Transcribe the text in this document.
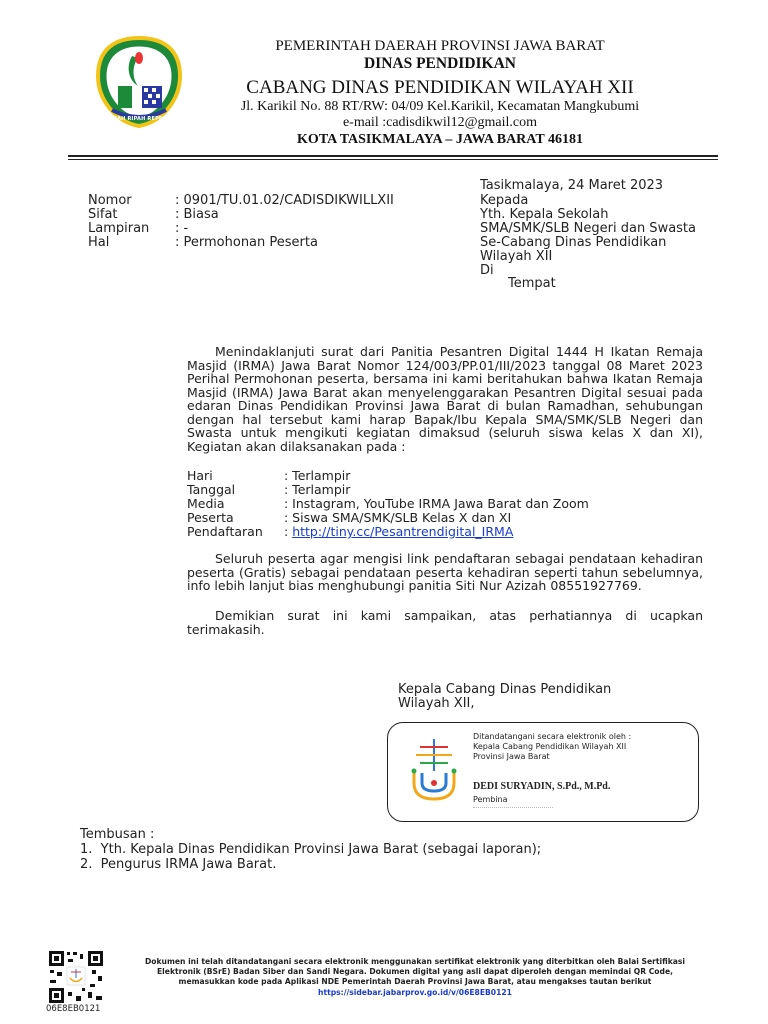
GEMAH RIPAH REPEH RAPIH
PEMERINTAH DAERAH PROVINSI JAWA BARAT
DINAS PENDIDIKAN
CABANG DINAS PENDIDIKAN WILAYAH XII
Jl. Karikil No. 88 RT/RW: 04/09 Kel.Karikil, Kecamatan Mangkubumi
e-mail :cadisdikwil12@gmail.com
KOTA TASIKMALAYA – JAWA BARAT 46181
Tasikmalaya, 24 Maret 2023
Kepada
Yth. Kepala Sekolah
SMA/SMK/SLB Negeri dan Swasta
Se-Cabang Dinas Pendidikan
Wilayah XII
Di
Tempat
Nomor	: 0901/TU.01.02/CADISDIKWILLXII
Sifat	: Biasa
Lampiran : -
Hal	: Permohonan Peserta
Menindaklanjuti surat dari Panitia Pesantren Digital 1444 H Ikatan Remaja Masjid (IRMA) Jawa Barat Nomor 124/003/PP.01/III/2023 tanggal 08 Maret 2023 Perihal Permohonan peserta, bersama ini kami beritahukan bahwa Ikatan Remaja Masjid (IRMA) Jawa Barat akan menyelenggarakan Pesantren Digital sesuai pada edaran Dinas Pendidikan Provinsi Jawa Barat di bulan Ramadhan, sehubungan dengan hal tersebut kami harap Bapak/Ibu Kepala SMA/SMK/SLB Negeri dan Swasta untuk mengikuti kegiatan dimaksud (seluruh siswa kelas X dan XI), Kegiatan akan dilaksanakan pada :
Hari	: Terlampir
Tanggal	: Terlampir
Media	: Instagram, YouTube IRMA Jawa Barat dan Zoom
Peserta	: Siswa SMA/SMK/SLB Kelas X dan XI
Pendaftaran : http://tiny.cc/Pesantrendigital_IRMA
Seluruh peserta agar mengisi link pendaftaran sebagai pendataan kehadiran peserta (Gratis) sebagai pendataan peserta kehadiran seperti tahun sebelumnya, info lebih lanjut bias menghubungi panitia Siti Nur Azizah 08551927769.
Demikian surat ini kami sampaikan, atas perhatiannya di ucapkan terimakasih.
Kepala Cabang Dinas Pendidikan
Wilayah XII,
Ditandatangani secara elektronik oleh :
Kepala Cabang Pendidikan Wilayah XII
Provinsi Jawa Barat
DEDI SURYADIN, S.Pd., M.Pd.
Pembina
Tembusan :
1.  Yth. Kepala Dinas Pendidikan Provinsi Jawa Barat (sebagai laporan);
2.  Pengurus IRMA Jawa Barat.
06E8EB0121
Dokumen ini telah ditandatangani secara elektronik menggunakan sertifikat elektronik yang diterbitkan oleh Balai Sertifikasi
Elektronik (BSrE) Badan Siber dan Sandi Negara. Dokumen digital yang asli dapat diperoleh dengan memindai QR Code,
memasukkan kode pada Aplikasi NDE Pemerintah Daerah Provinsi Jawa Barat, atau mengakses tautan berikut
https://sidebar.jabarprov.go.id/v/06E8EB0121
